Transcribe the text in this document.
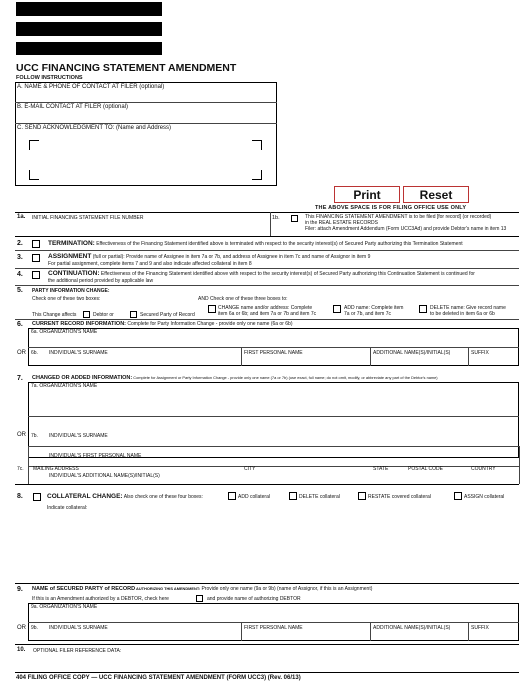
UCC FINANCING STATEMENT AMENDMENT
FOLLOW INSTRUCTIONS
A. NAME & PHONE OF CONTACT AT FILER (optional)
B. E-MAIL CONTACT AT FILER (optional)
C. SEND ACKNOWLEDGMENT TO: (Name and Address)
Print	Reset
THE ABOVE SPACE IS FOR FILING OFFICE USE ONLY
1a. INITIAL FINANCING STATEMENT FILE NUMBER	1b.	This FINANCING STATEMENT AMENDMENT is to be filed [for record] (or recorded)
in the REAL ESTATE RECORDS
Filer: attach Amendment Addendum (Form UCC3Ad) and provide Debtor's name in item 13
2.	TERMINATION: Effectiveness of the Financing Statement identified above is terminated with respect to the security interest(s) of Secured Party authorizing this Termination Statement
3.	ASSIGNMENT (full or partial): Provide name of Assignee in item 7a or 7b, and address of Assignee in item 7c and name of Assignor in item 9
For partial assignment, complete items 7 and 9 and also indicate affected collateral in item 8
4.	CONTINUATION: Effectiveness of the Financing Statement identified above with respect to the security interest(s) of Secured Party authorizing this Continuation Statement is continued for
the additional period provided by applicable law
5. PARTY INFORMATION CHANGE:
Check one of these two boxes:	AND Check one of these three boxes to:
This Change affects	Debtor or	Secured Party of Record
CHANGE name and/or address: Complete
item 6a or 6b; and item 7a or 7b and item 7c
ADD name: Complete item
7a or 7b, and item 7c
DELETE name: Give record name
to be deleted in item 6a or 6b
6. CURRENT RECORD INFORMATION: Complete for Party Information Change - provide only one name (6a or 6b)
6a. ORGANIZATION'S NAME
OR 6b. INDIVIDUAL'S SURNAME	FIRST PERSONAL NAME	ADDITIONAL NAME(S)/INITIAL(S)	SUFFIX
7. CHANGED OR ADDED INFORMATION: Complete for Assignment or Party Information Change - provide only one name (7a or 7b) (use exact, full name; do not omit, modify, or abbreviate any part of the Debtor's name)
7a. ORGANIZATION'S NAME
OR 7b. INDIVIDUAL'S SURNAME
INDIVIDUAL'S FIRST PERSONAL NAME
INDIVIDUAL'S ADDITIONAL NAME(S)/INITIAL(S)
7c. MAILING ADDRESS	CITY	STATE	POSTAL CODE	COUNTRY
8.	COLLATERAL CHANGE: Also check one of these four boxes:	ADD collateral	DELETE collateral	RESTATE covered collateral	ASSIGN collateral
Indicate collateral:
9. NAME of SECURED PARTY of RECORD AUTHORIZING THIS AMENDMENT: Provide only one name (9a or 9b) (name of Assignor, if this is an Assignment)
If this is an Amendment authorized by a DEBTOR, check here	and provide name of authorizing DEBTOR
9a. ORGANIZATION'S NAME
OR 9b. INDIVIDUAL'S SURNAME	FIRST PERSONAL NAME	ADDITIONAL NAME(S)/INITIAL(S)	SUFFIX
10. OPTIONAL FILER REFERENCE DATA:
404 FILING OFFICE COPY — UCC FINANCING STATEMENT AMENDMENT (FORM UCC3) (Rev. 06/13)
